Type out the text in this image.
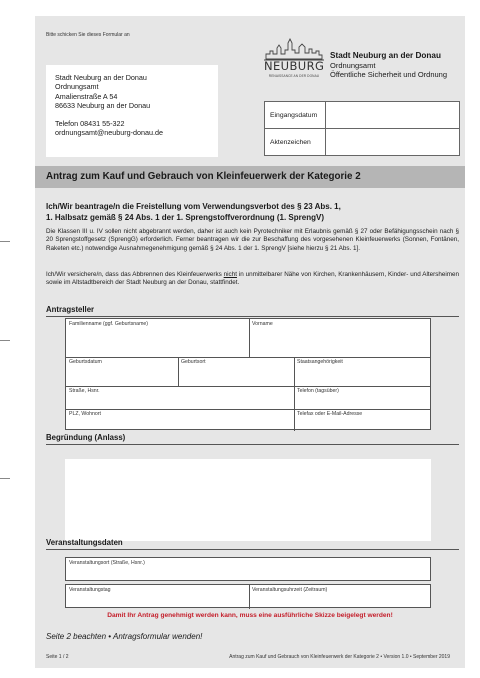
Bitte schicken Sie dieses Formular an
Stadt Neuburg an der Donau
Ordnungsamt
Amalienstraße A 54
86633 Neuburg an der Donau
Telefon 08431 55-322
ordnungsamt@neuburg-donau.de
NEUBURG
RENAISSANCE AN DER DONAU
Stadt Neuburg an der Donau
Ordnungsamt
Öffentliche Sicherheit und Ordnung
Eingangsdatum
Aktenzeichen
Antrag zum Kauf und Gebrauch von Kleinfeuerwerk der Kategorie 2
Ich/Wir beantrage/n die Freistellung vom Verwendungsverbot des § 23 Abs. 1,
1. Halbsatz gemäß § 24 Abs. 1 der 1. Sprengstoffverordnung (1. SprengV)
Die Klassen III u. IV sollen nicht abgebrannt werden, daher ist auch kein Pyrotechniker mit Erlaubnis gemäß § 27 oder Befähigungsschein nach § 20 Sprengstoffgesetz (SprengG) erforderlich. Ferner beantragen wir die zur Beschaffung des vorgesehenen Kleinfeuerwerks (Sonnen, Fontänen, Raketen etc.) notwendige Ausnahmegenehmigung gemäß § 24 Abs. 1 der 1. SprengV [siehe hierzu § 21 Abs. 1].
Ich/Wir versichere/n, dass das Abbrennen des Kleinfeuerwerks nicht in unmittelbarer Nähe von Kirchen, Krankenhäusern, Kinder- und Altersheimen sowie im Altstadtbereich der Stadt Neuburg an der Donau, stattfindet.
Antragsteller
Familienname (ggf. Geburtsname)	Vorname
Geburtsdatum	Geburtsort	Staatsangehörigkeit
Straße, Hsnr.	Telefon (tagsüber)
PLZ, Wohnort	Telefax oder E-Mail-Adresse
Begründung (Anlass)
Veranstaltungsdaten
Veranstaltungsort (Straße, Hsnr.)
Veranstaltungstag	Veranstaltungsuhrzeit (Zeitraum)
Damit Ihr Antrag genehmigt werden kann, muss eine ausführliche Skizze beigelegt werden!
Seite 2 beachten • Antragsformular wenden!
Seite 1 / 2	Antrag zum Kauf und Gebrauch von Kleinfeuerwerk der Kategorie 2 • Version 1.0 • September 2019
